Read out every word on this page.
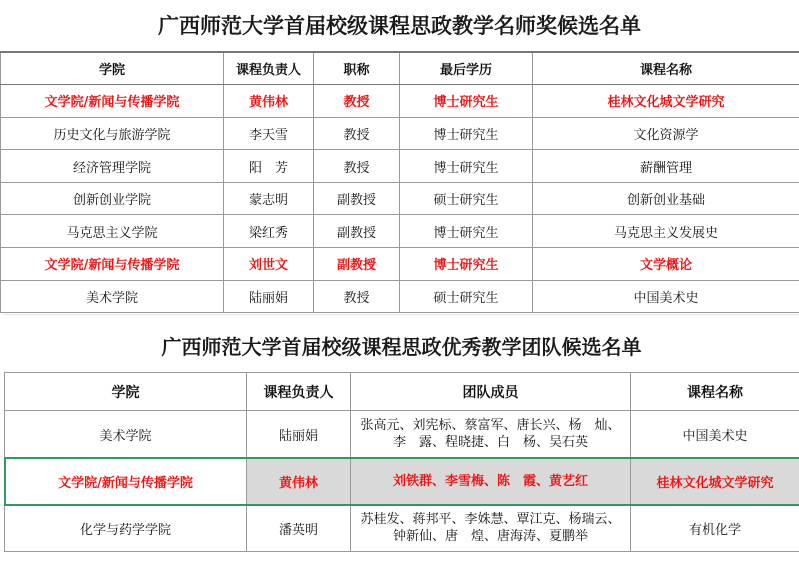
广西师范大学首届校级课程思政教学名师奖候选名单
学院	课程负责人	职称	最后学历	课程名称
文学院/新闻与传播学院	黄伟林	教授	博士研究生	桂林文化城文学研究
历史文化与旅游学院	李天雪	教授	博士研究生	文化资源学
经济管理学院	阳　芳	教授	博士研究生	薪酬管理
创新创业学院	蒙志明	副教授	硕士研究生	创新创业基础
马克思主义学院	梁红秀	副教授	博士研究生	马克思主义发展史
文学院/新闻与传播学院	刘世文	副教授	博士研究生	文学概论
美术学院	陆丽娟	教授	硕士研究生	中国美术史
广西师范大学首届校级课程思政优秀教学团队候选名单
学院	课程负责人	团队成员	课程名称
美术学院	陆丽娟	张高元、刘宪标、蔡富军、唐长兴、杨　灿、
李　露、程晓捷、白　杨、吴石英	中国美术史
文学院/新闻与传播学院	黄伟林	刘铁群、李雪梅、陈　霞、黄艺红	桂林文化城文学研究
化学与药学学院	潘英明	苏桂发、蒋邦平、李姝慧、覃江克、杨瑞云、
钟新仙、唐　煌、唐海涛、夏鹏举	有机化学
